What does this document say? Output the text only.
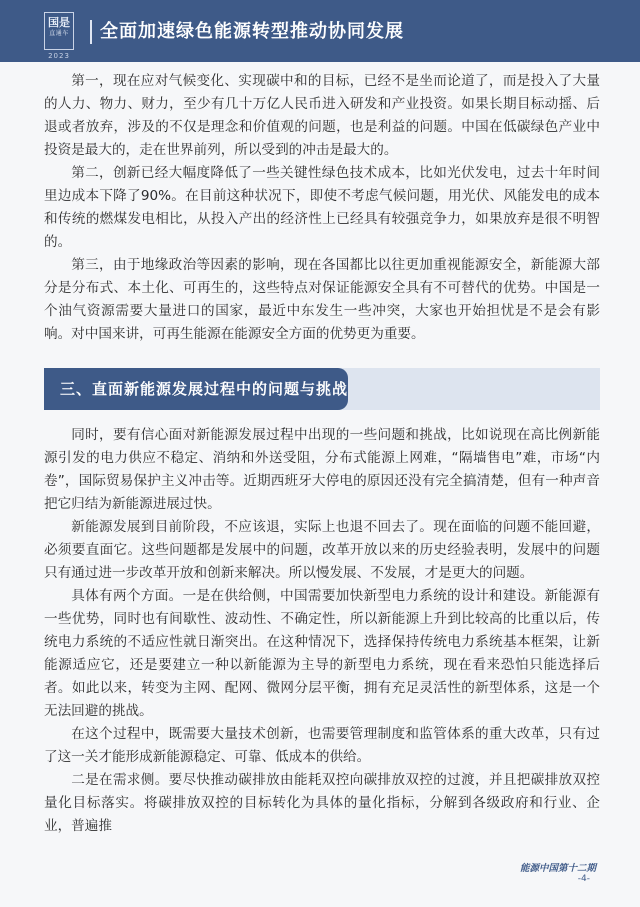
国是
直通车
2023
全面加速绿色能源转型推动协同发展

第一，现在应对气候变化、实现碳中和的目标，已经不是坐而论道了，而是投入了大量的人力、物力、财力，至少有几十万亿人民币进入研发和产业投资。如果长期目标动摇、后退或者放弃，涉及的不仅是理念和价值观的问题，也是利益的问题。中国在低碳绿色产业中投资是最大的，走在世界前列，所以受到的冲击是最大的。

第二，创新已经大幅度降低了一些关键性绿色技术成本，比如光伏发电，过去十年时间里边成本下降了90%。在目前这种状况下，即使不考虑气候问题，用光伏、风能发电的成本和传统的燃煤发电相比，从投入产出的经济性上已经具有较强竞争力，如果放弃是很不明智的。

第三，由于地缘政治等因素的影响，现在各国都比以往更加重视能源安全，新能源大部分是分布式、本土化、可再生的，这些特点对保证能源安全具有不可替代的优势。中国是一个油气资源需要大量进口的国家，最近中东发生一些冲突，大家也开始担忧是不是会有影响。对中国来讲，可再生能源在能源安全方面的优势更为重要。

三、直面新能源发展过程中的问题与挑战

同时，要有信心面对新能源发展过程中出现的一些问题和挑战，比如说现在高比例新能源引发的电力供应不稳定、消纳和外送受阻，分布式能源上网难，“隔墙售电”难，市场“内卷”，国际贸易保护主义冲击等。近期西班牙大停电的原因还没有完全搞清楚，但有一种声音把它归结为新能源进展过快。

新能源发展到目前阶段，不应该退，实际上也退不回去了。现在面临的问题不能回避，必须要直面它。这些问题都是发展中的问题，改革开放以来的历史经验表明，发展中的问题只有通过进一步改革开放和创新来解决。所以慢发展、不发展，才是更大的问题。

具体有两个方面。一是在供给侧，中国需要加快新型电力系统的设计和建设。新能源有一些优势，同时也有间歇性、波动性、不确定性，所以新能源上升到比较高的比重以后，传统电力系统的不适应性就日渐突出。在这种情况下，选择保持传统电力系统基本框架，让新能源适应它，还是要建立一种以新能源为主导的新型电力系统，现在看来恐怕只能选择后者。如此以来，转变为主网、配网、微网分层平衡，拥有充足灵活性的新型体系，这是一个无法回避的挑战。

在这个过程中，既需要大量技术创新，也需要管理制度和监管体系的重大改革，只有过了这一关才能形成新能源稳定、可靠、低成本的供给。

二是在需求侧。要尽快推动碳排放由能耗双控向碳排放双控的过渡，并且把碳排放双控量化目标落实。将碳排放双控的目标转化为具体的量化指标，分解到各级政府和行业、企业，普遍推

能源中国第十二期
-4-
